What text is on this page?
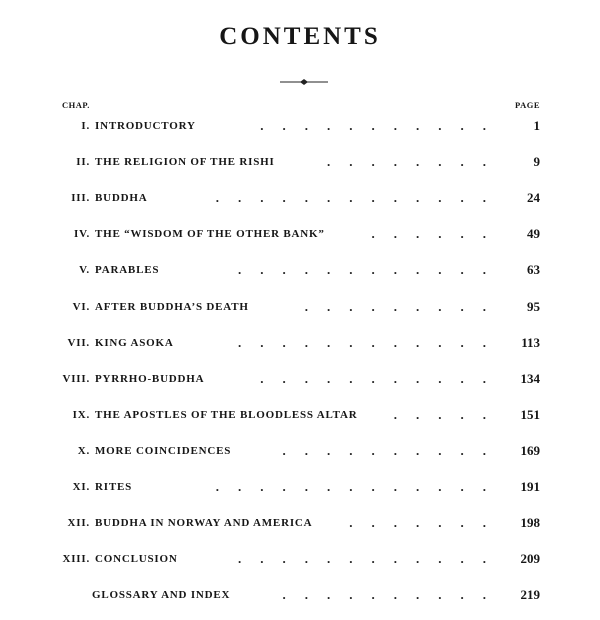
CONTENTS
CHAP.	PAGE
I. INTRODUCTORY	........... 1
II. THE RELIGION OF THE RISHI	........ 9
III. BUDDHA	............. 24
IV. THE “WISDOM OF THE OTHER BANK”	...... 49
V. PARABLES	............ 63
VI. AFTER BUDDHA’S DEATH	......... 95
VII. KING ASOKA	............ 113
VIII. PYRRHO-BUDDHA	........... 134
IX. THE APOSTLES OF THE BLOODLESS ALTAR	..... 151
X. MORE COINCIDENCES	.......... 169
XI. RITES	............. 191
XII. BUDDHA IN NORWAY AND AMERICA	....... 198
XIII. CONCLUSION	............ 209
GLOSSARY AND INDEX	.......... 219
